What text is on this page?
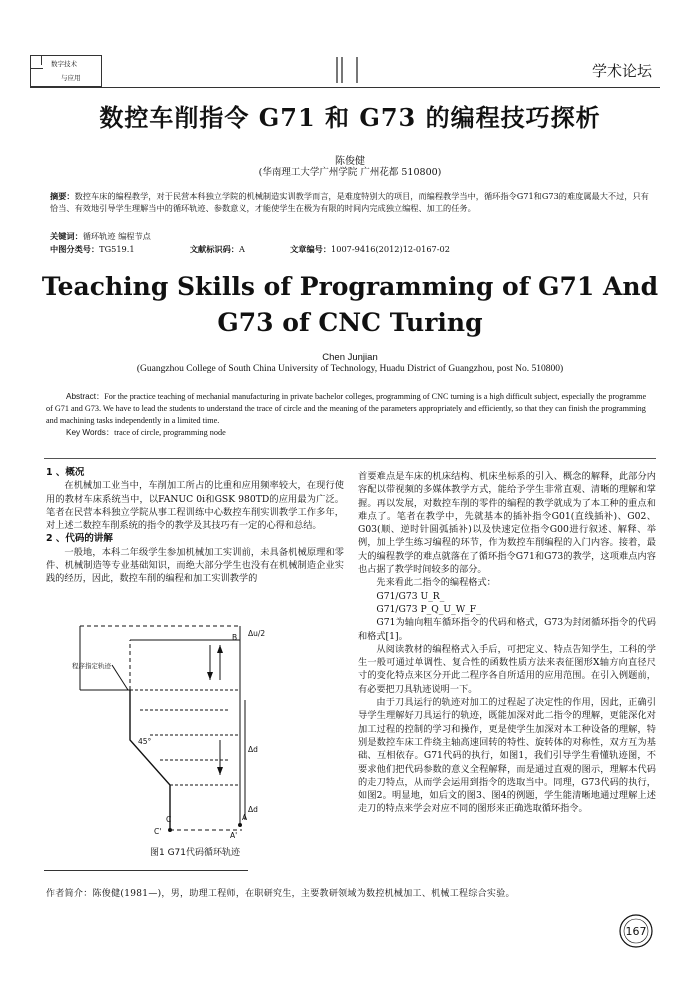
数字技术
与应用	学术论坛
数控车削指令 G71 和 G73 的编程技巧探析
陈俊健
(华南理工大学广州学院 广州花都 510800)
摘要：数控车床的编程教学，对于民营本科独立学院的机械制造实训教学而言，是难度特别大的项目，而编程教学当中，循环指令G71和G73的难度属最大不过，只有恰当、有效地引导学生理解当中的循环轨迹、参数意义，才能使学生在极为有限的时间内完成独立编程、加工的任务。
关键词：循环轨迹 编程节点
中图分类号：TG519.1	文献标识码：A	文章编号：1007-9416(2012)12-0167-02
Teaching Skills of Programming of G71 And
G73 of CNC Turing
Chen Junjian
(Guangzhou College of South China University of Technology, Huadu District of Guangzhou, post No. 510800)
Abstract：For the practice teaching of mechanial manufacturing in private bachelor colleges, programming of CNC turning is a high difficult subject, especially the programme of G71 and G73. We have to lead the students to understand the trace of circle and the meaning of the parameters appropriately and efficiently, so that they can finish the programming and machining tasks independently in a limited time.
Key Words：trace of circle, programming node

1 、概况

在机械加工业当中，车削加工所占的比重和应用频率较大，在现行使用的教材车床系统当中，以FANUC 0i和GSK 980TD的应用最为广泛。笔者在民营本科独立学院从事工程训练中心数控车削实训教学工作多年，对上述二数控车削系统的指令的教学及其技巧有一定的心得和总结。

2 、代码的讲解

一般地，本科二年级学生参加机械加工实训前，未具备机械原理和零件、机械制造等专业基础知识，而绝大部分学生也没有在机械制造企业实践的经历，因此，数控车削的编程和加工实训教学的

Δu/2
B
程序指定轨迹
45°
Δd
Δd
C
C'
A
A'
图1 G71代码循环轨迹

首要难点是车床的机床结构、机床坐标系的引入、概念的解释，此部分内容配以带视频的多媒体教学方式，能给予学生非常直观、清晰的理解和掌握。再以发展，对数控车削的零件的编程的教学就成为了本工种的重点和难点了。笔者在教学中，先就基本的插补指令G01(直线插补)、G02、G03(顺、逆时针圆弧插补)以及快速定位指令G00进行叙述、解释、举例，加上学生练习编程的环节，作为数控车削编程的入门内容。接着，最大的编程教学的难点就落在了循环指令G71和G73的教学，这项难点内容也占据了教学时间较多的部分。

先来看此二指令的编程格式：

G71/G73 U_R_

G71/G73 P_Q_U_W_F_

G71为轴向粗车循环指令的代码和格式，G73为封闭循环指令的代码和格式[1]。

从阅读教材的编程格式入手后，可把定义、特点告知学生，工科的学生一般可通过单调性、复合性的函数性质方法来表征图形X轴方向直径尺寸的变化特点来区分开此二程序各自所适用的应用范围。在引入例题前，有必要把刀具轨迹说明一下。

由于刀具运行的轨迹对加工的过程起了决定性的作用，因此，正确引导学生理解好刀具运行的轨迹，既能加深对此二指令的理解，更能深化对加工过程的控制的学习和操作，更是使学生加深对本工种设备的理解，特别是数控车床工件绕主轴高速回转的特性、旋转体的对称性，双方互为基础、互相依存。G71代码的执行，如图1，我们引导学生看懂轨迹图，不要求他们把代码参数的意义全程解释，而是通过直观的图示，理解本代码的走刀特点，从而学会运用到指令的选取当中。同理，G73代码的执行，如图2。明显地，如后文的图3、图4的例题，学生能清晰地通过理解上述走刀的特点来学会对应不同的图形来正确选取循环指令。

作者简介：陈俊健(1981—)，男，助理工程师，在职研究生，主要教研领域为数控机械加工、机械工程综合实验。
167
